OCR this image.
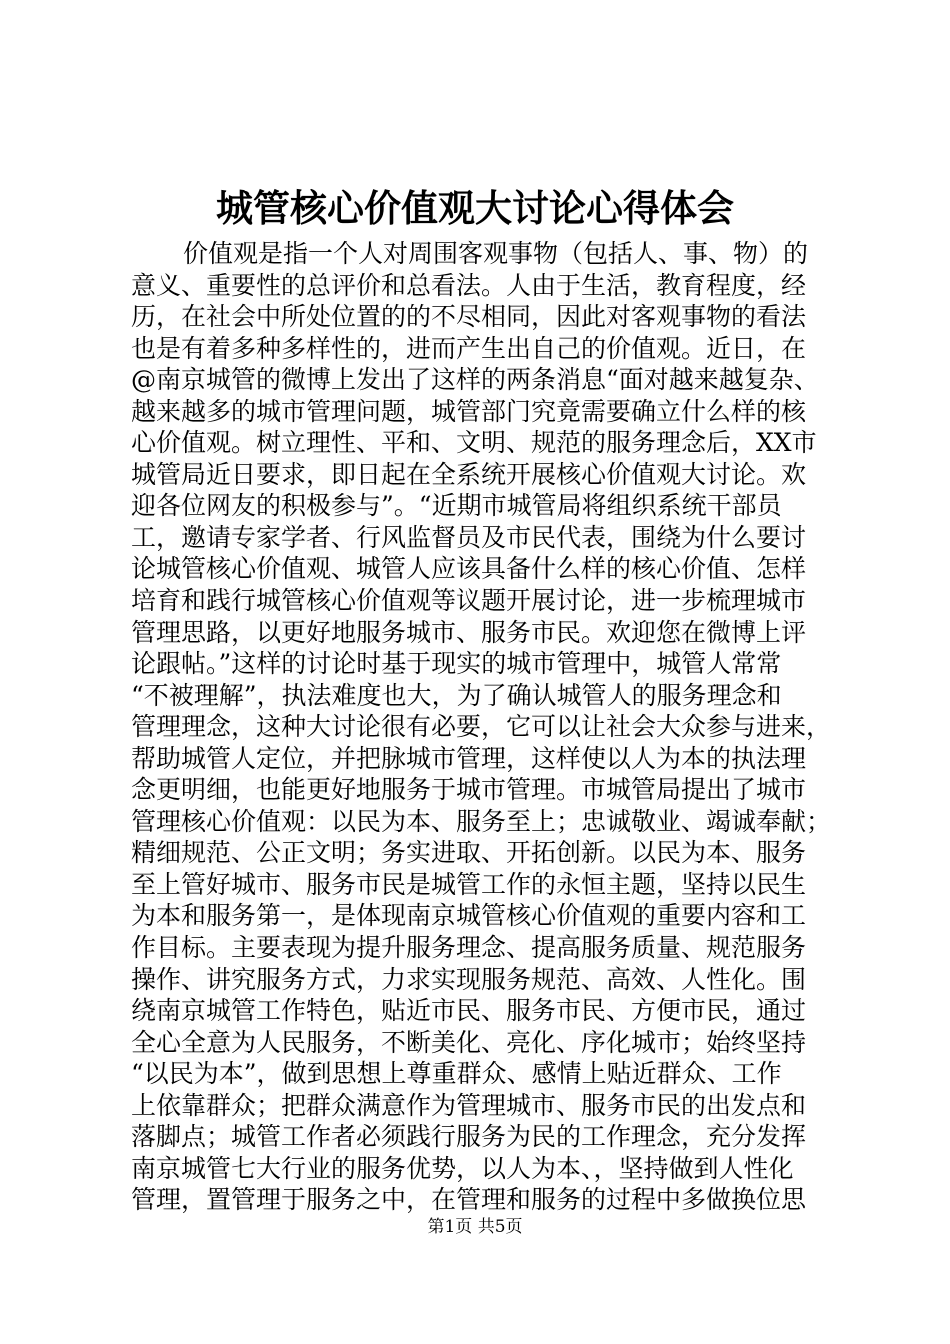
城管核心价值观大讨论心得体会
价值观是指一个人对周围客观事物（包括人、事、物）的
意义、重要性的总评价和总看法。人由于生活，教育程度，经
历，在社会中所处位置的的不尽相同，因此对客观事物的看法
也是有着多种多样性的，进而产生出自己的价值观。近日，在
@南京城管的微博上发出了这样的两条消息“面对越来越复杂、
越来越多的城市管理问题，城管部门究竟需要确立什么样的核
心价值观。树立理性、平和、文明、规范的服务理念后，XX市
城管局近日要求，即日起在全系统开展核心价值观大讨论。欢
迎各位网友的积极参与”。“近期市城管局将组织系统干部员
工，邀请专家学者、行风监督员及市民代表，围绕为什么要讨
论城管核心价值观、城管人应该具备什么样的核心价值、怎样
培育和践行城管核心价值观等议题开展讨论，进一步梳理城市
管理思路，以更好地服务城市、服务市民。欢迎您在微博上评
论跟帖。”这样的讨论时基于现实的城市管理中，城管人常常
“不被理解”，执法难度也大，为了确认城管人的服务理念和
管理理念，这种大讨论很有必要，它可以让社会大众参与进来，
帮助城管人定位，并把脉城市管理，这样使以人为本的执法理
念更明细，也能更好地服务于城市管理。市城管局提出了城市
管理核心价值观：以民为本、服务至上；忠诚敬业、竭诚奉献；
精细规范、公正文明；务实进取、开拓创新。以民为本、服务
至上管好城市、服务市民是城管工作的永恒主题，坚持以民生
为本和服务第一，是体现南京城管核心价值观的重要内容和工
作目标。主要表现为提升服务理念、提高服务质量、规范服务
操作、讲究服务方式，力求实现服务规范、高效、人性化。围
绕南京城管工作特色，贴近市民、服务市民、方便市民，通过
全心全意为人民服务，不断美化、亮化、序化城市；始终坚持
“以民为本”，做到思想上尊重群众、感情上贴近群众、工作
上依靠群众；把群众满意作为管理城市、服务市民的出发点和
落脚点；城管工作者必须践行服务为民的工作理念，充分发挥
南京城管七大行业的服务优势，以人为本、，坚持做到人性化
管理，置管理于服务之中，在管理和服务的过程中多做换位思
第1页 共5页
